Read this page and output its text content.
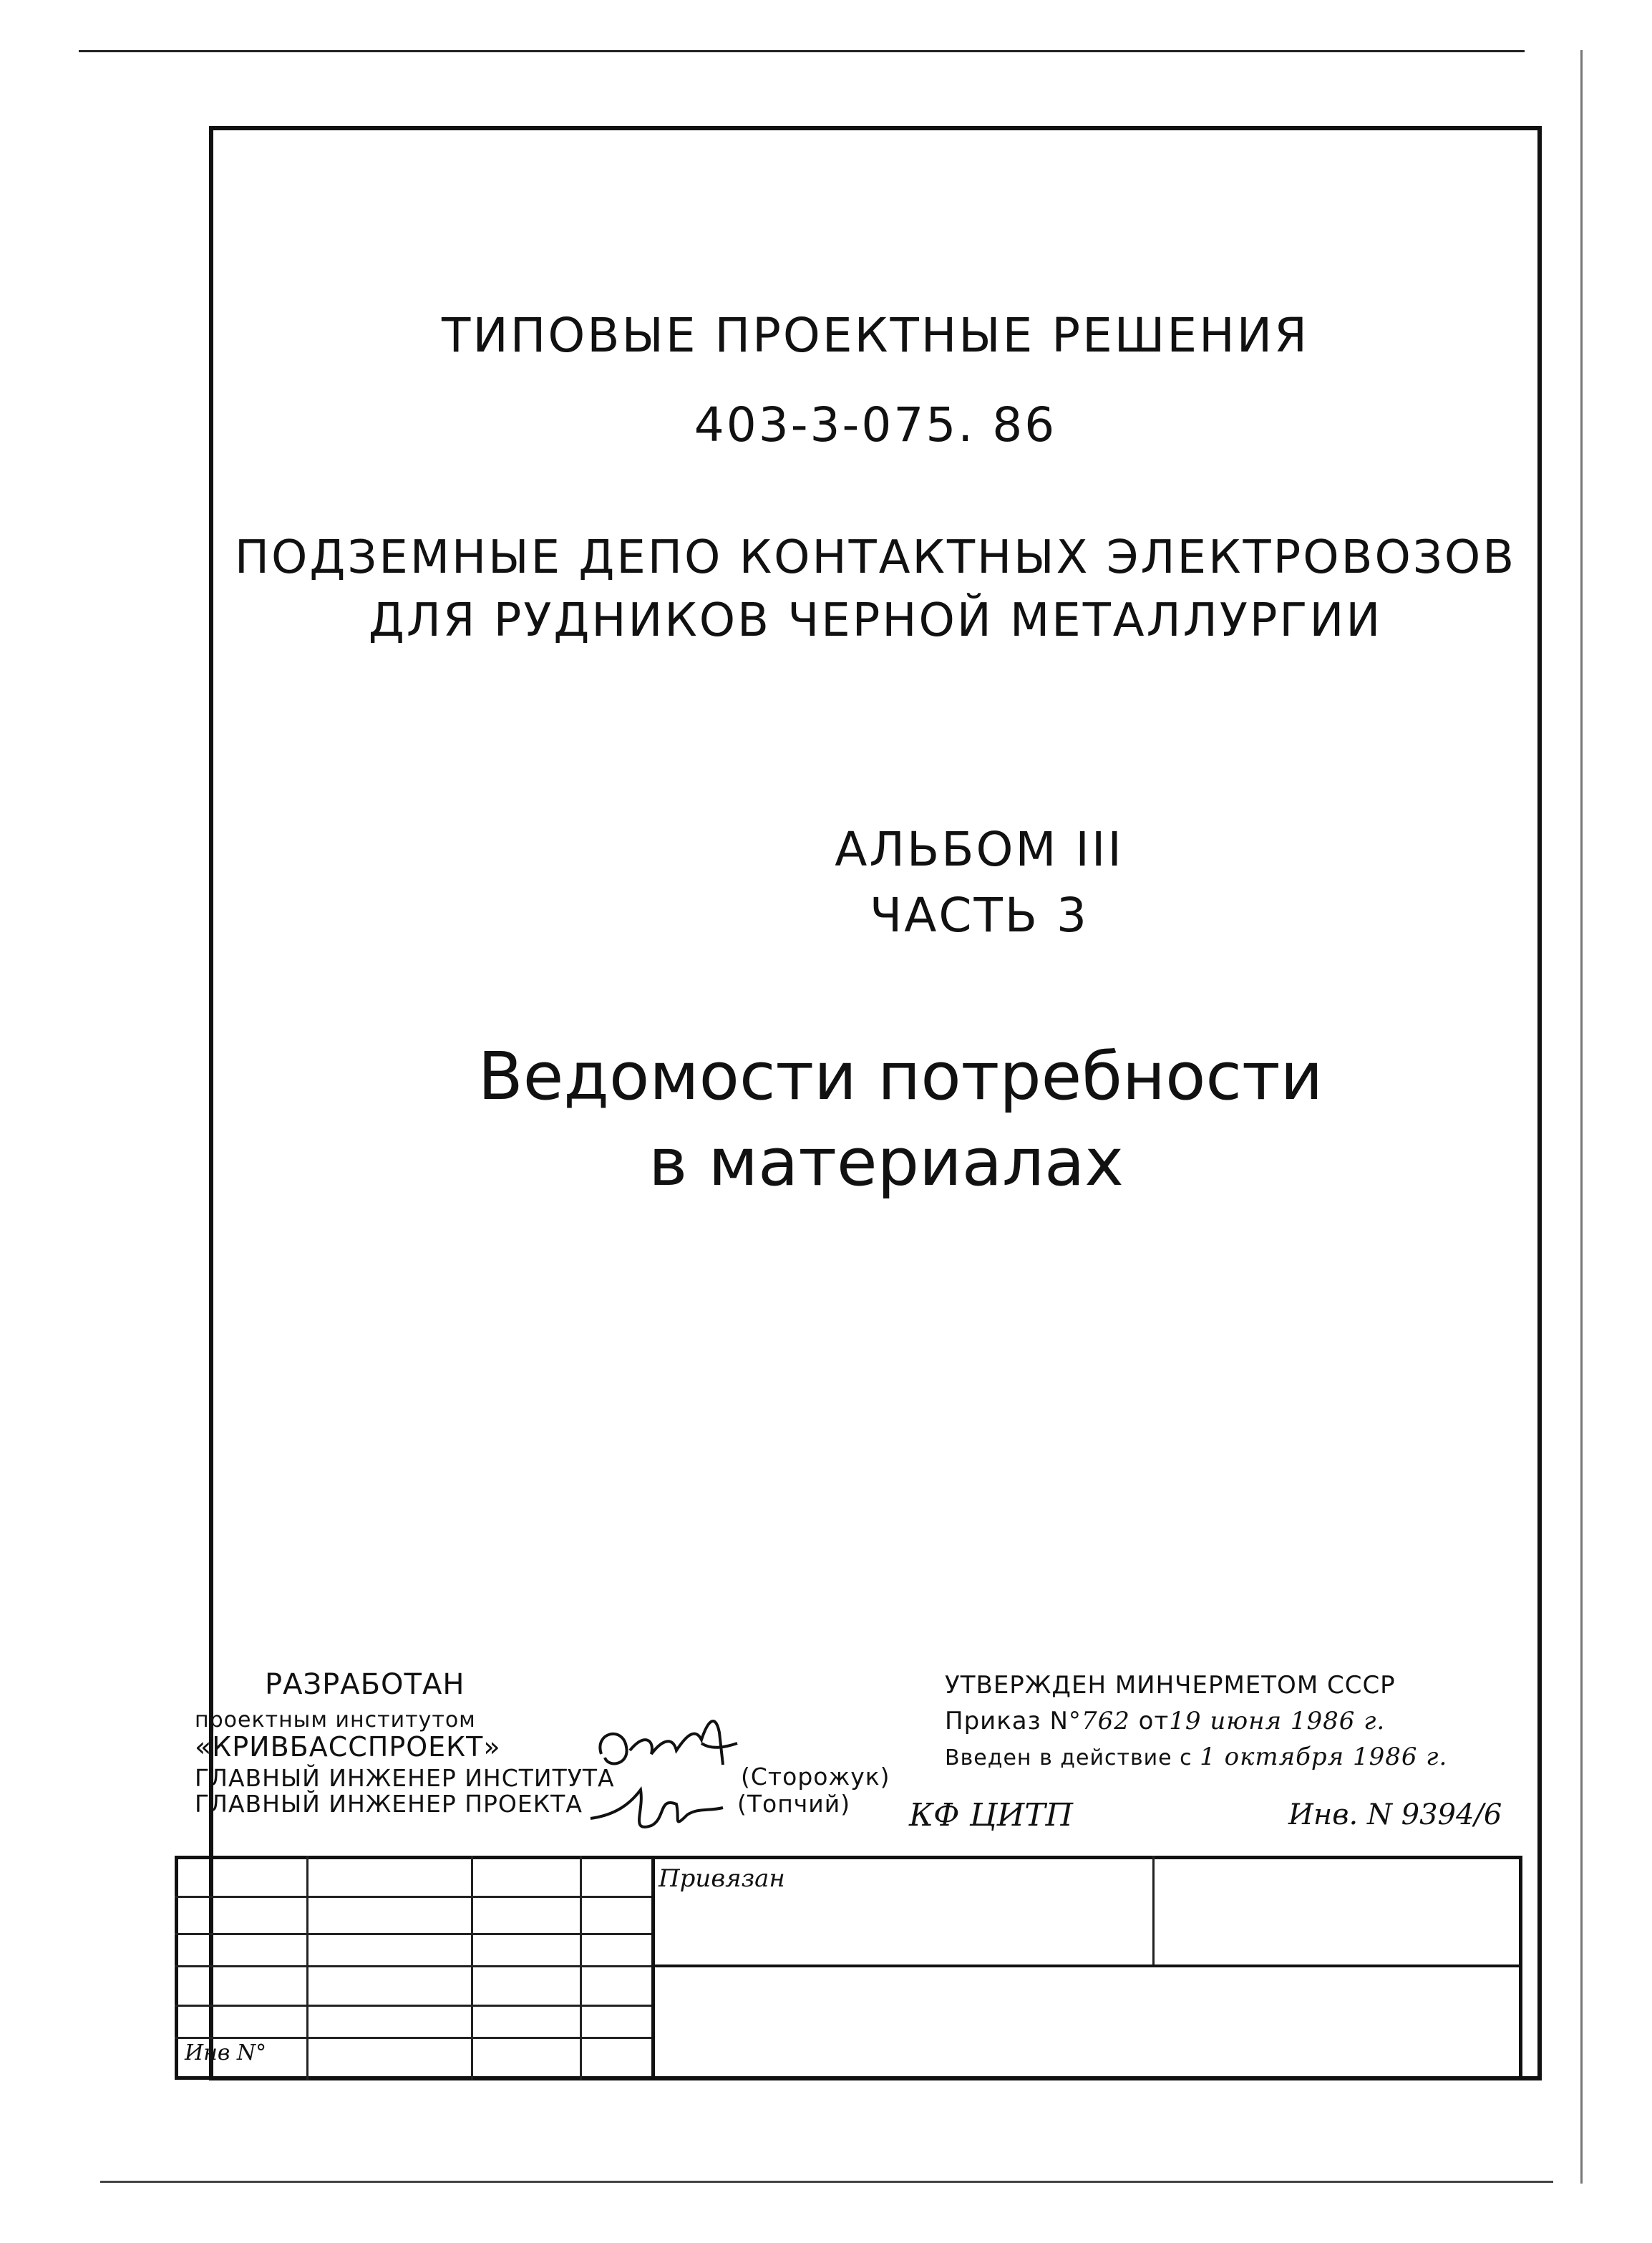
ТИПОВЫЕ ПРОЕКТНЫЕ РЕШЕНИЯ
403-3-075. 86
ПОДЗЕМНЫЕ ДЕПО КОНТАКТНЫХ ЭЛЕКТРОВОЗОВ
ДЛЯ РУДНИКОВ ЧЕРНОЙ МЕТАЛЛУРГИИ
АЛЬБОМ III
ЧАСТЬ 3
Ведомости потребности
в материалах
РАЗРАБОТАН
проектным институтом
«КРИВБАССПРОЕКТ»
ГЛАВНЫЙ ИНЖЕНЕР ИНСТИТУТА
ГЛАВНЫЙ ИНЖЕНЕР ПРОЕКТА
(Сторожук)
(Топчий)
УТВЕРЖДЕН МИНЧЕРМЕТОМ СССР
Приказ N°762 от19 июня 1986 г.
Введен в действие с 1 октября 1986 г.
КФ ЦИТП	Инв. N 9394/6
Привязан
Инв N°
